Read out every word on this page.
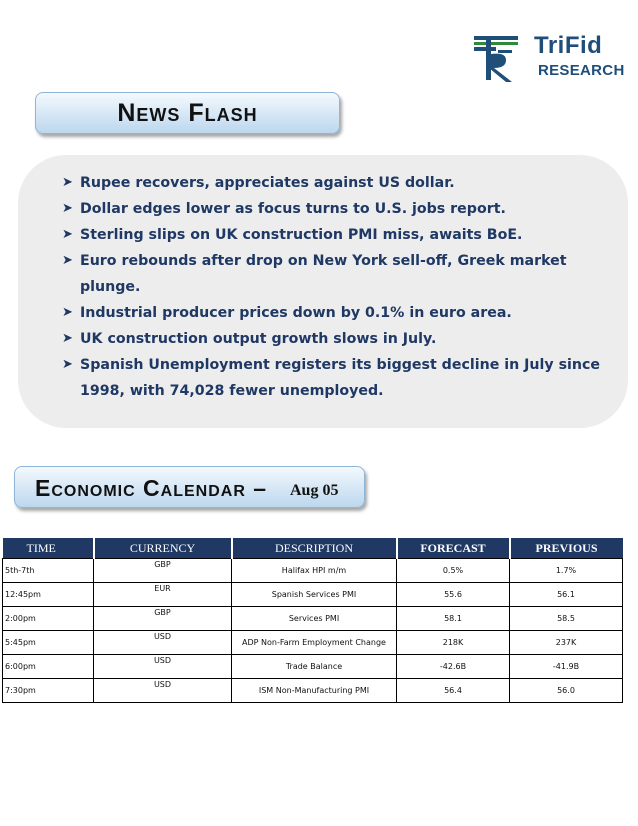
TriFid
RESEARCH
News Flash
➤ Rupee recovers, appreciates against US dollar.
➤ Dollar edges lower as focus turns to U.S. jobs report.
➤ Sterling slips on UK construction PMI miss, awaits BoE.
➤ Euro rebounds after drop on New York sell-off, Greek market plunge.
➤ Industrial producer prices down by 0.1% in euro area.
➤ UK construction output growth slows in July.
➤ Spanish Unemployment registers its biggest decline in July since 1998, with 74,028 fewer unemployed.
Economic Calendar – Aug 05
TIME	CURRENCY	DESCRIPTION	FORECAST	PREVIOUS
5th-7th	GBP	Halifax HPI m/m	0.5%	1.7%
12:45pm	EUR	Spanish Services PMI	55.6	56.1
2:00pm	GBP	Services PMI	58.1	58.5
5:45pm	USD	ADP Non-Farm Employment Change	218K	237K
6:00pm	USD	Trade Balance	-42.6B	-41.9B
7:30pm	USD	ISM Non-Manufacturing PMI	56.4	56.0
